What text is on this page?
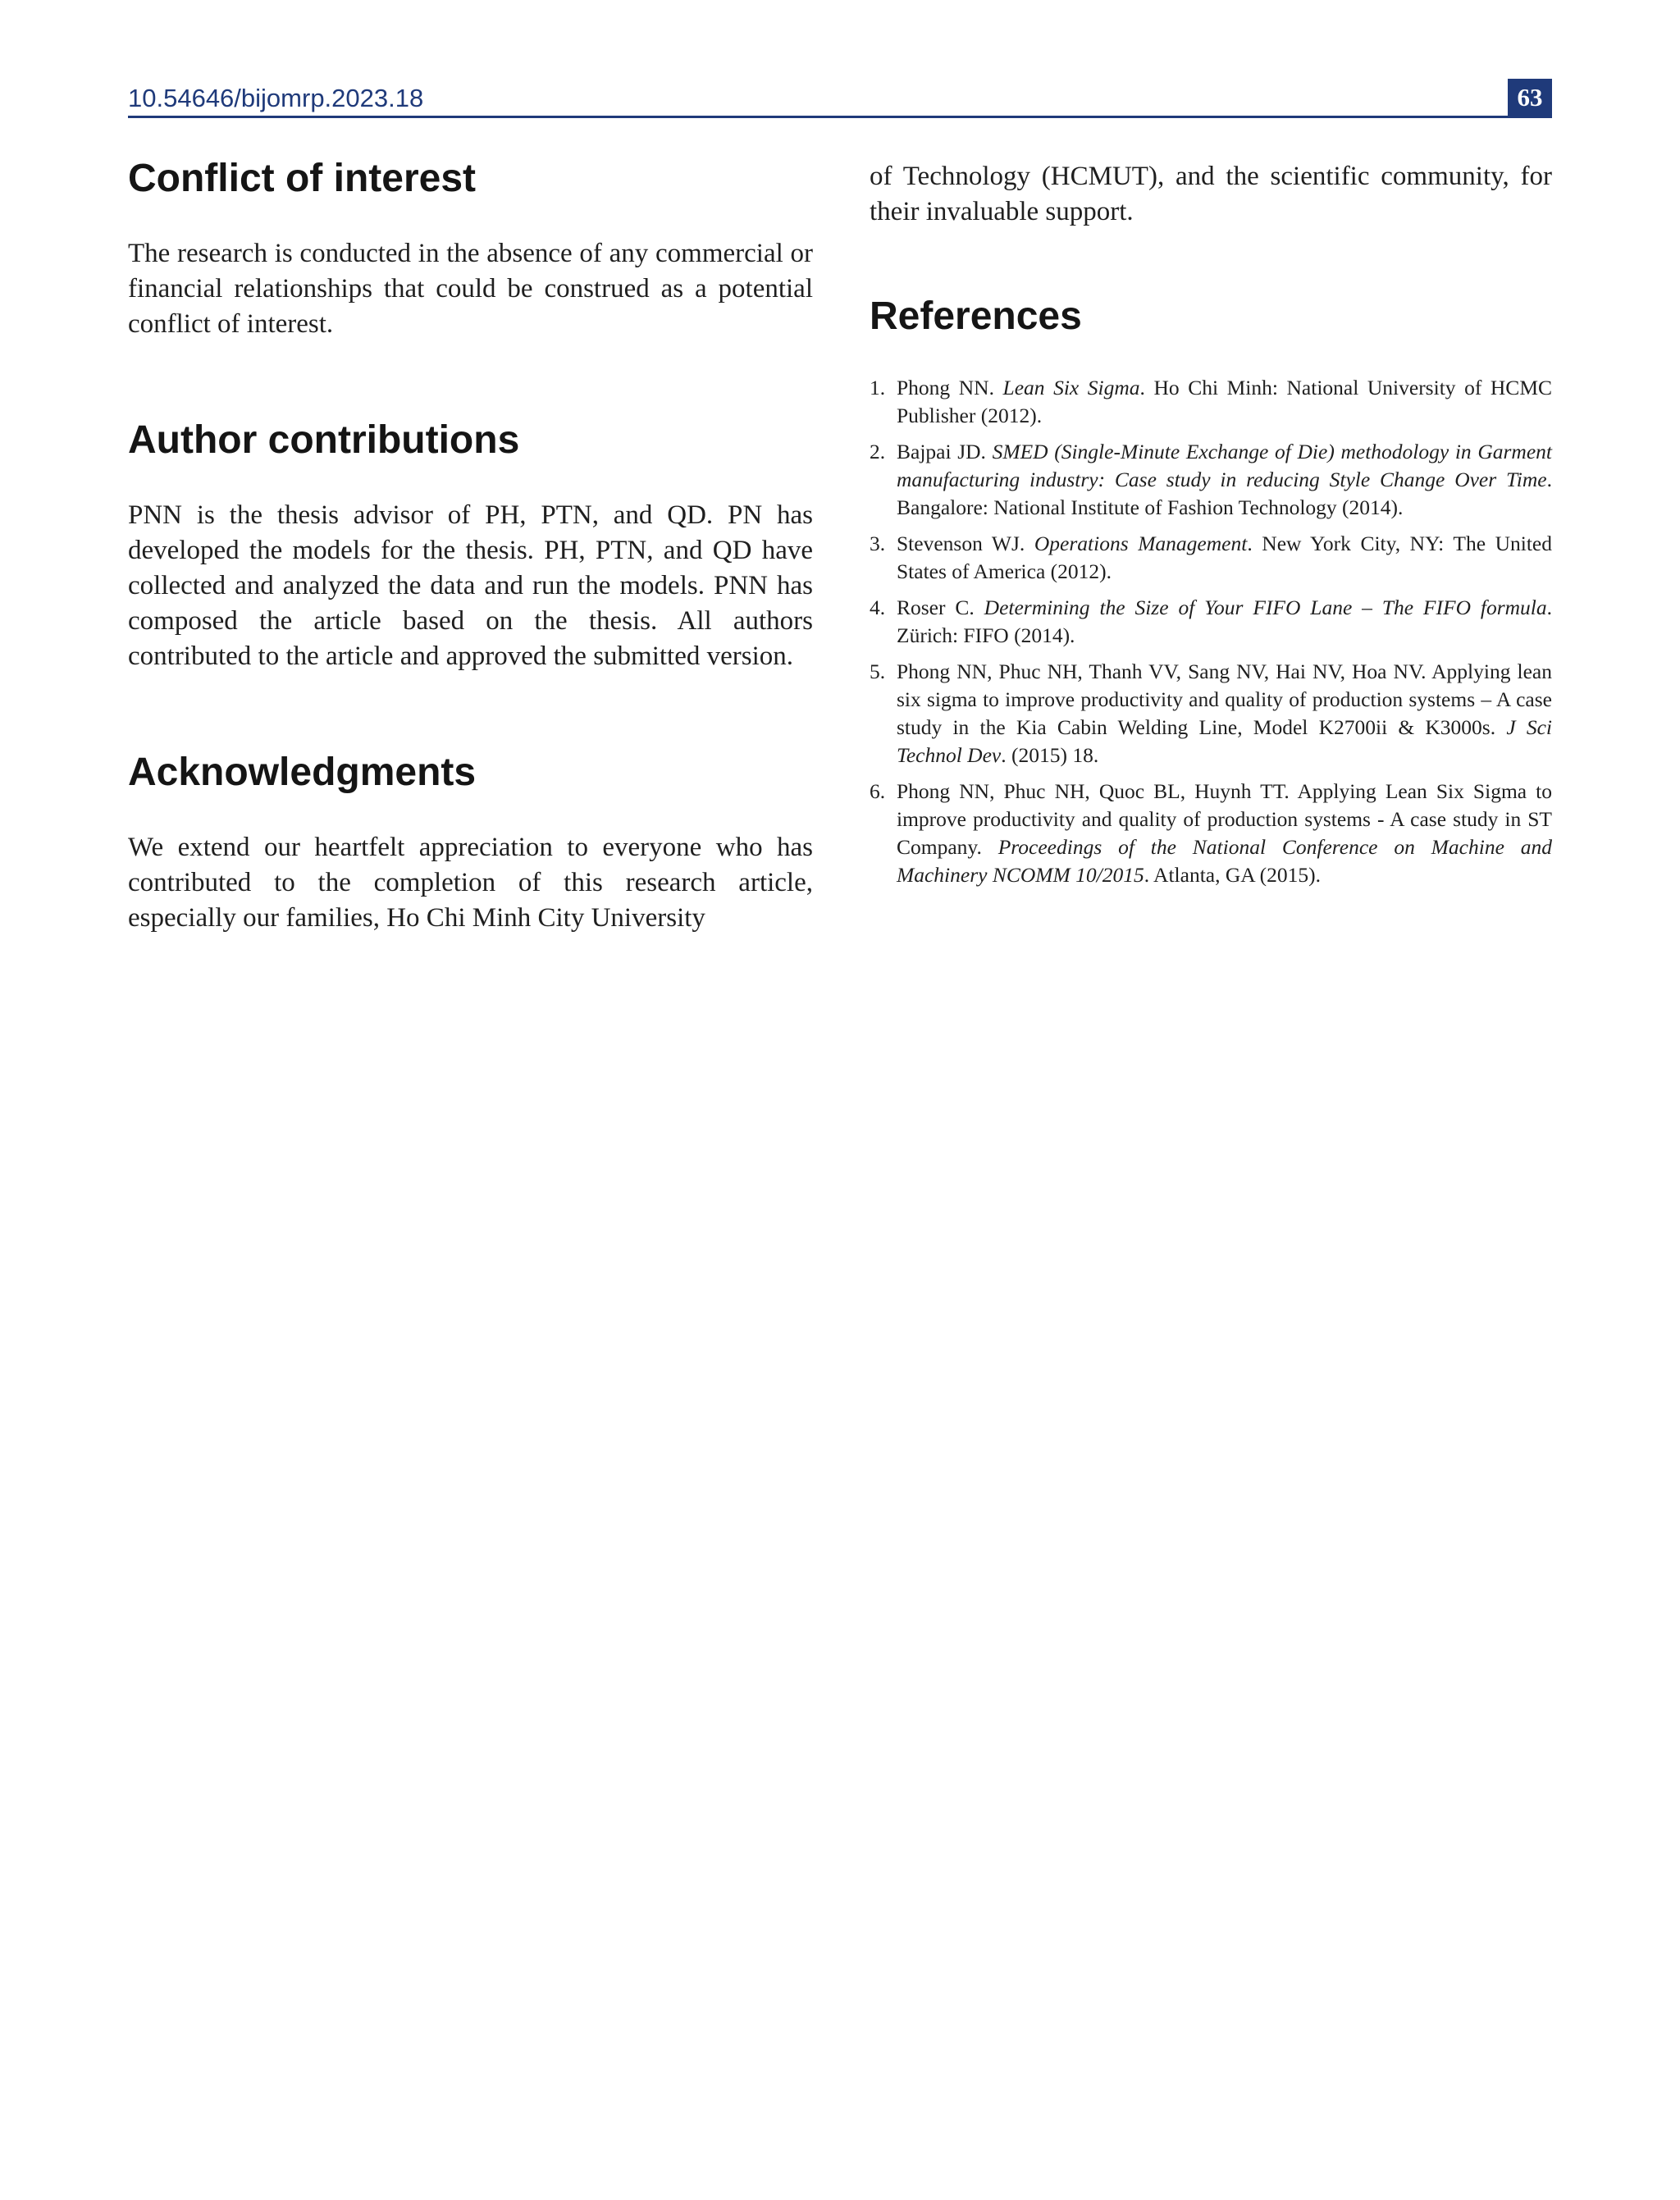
10.54646/bijomrp.2023.18	63
Conflict of interest

The research is conducted in the absence of any commercial or financial relationships that could be construed as a potential conflict of interest.

Author contributions

PNN is the thesis advisor of PH, PTN, and QD. PN has developed the models for the thesis. PH, PTN, and QD have collected and analyzed the data and run the models. PNN has composed the article based on the thesis. All authors contributed to the article and approved the submitted version.

Acknowledgments

We extend our heartfelt appreciation to everyone who has contributed to the completion of this research article, especially our families, Ho Chi Minh City University

of Technology (HCMUT), and the scientific community, for their invaluable support.

References
1. Phong NN. Lean Six Sigma. Ho Chi Minh: National University of HCMC Publisher (2012).
2. Bajpai JD. SMED (Single-Minute Exchange of Die) methodology in Garment manufacturing industry: Case study in reducing Style Change Over Time. Bangalore: National Institute of Fashion Technology (2014).
3. Stevenson WJ. Operations Management. New York City, NY: The United States of America (2012).
4. Roser C. Determining the Size of Your FIFO Lane – The FIFO formula. Zürich: FIFO (2014).
5. Phong NN, Phuc NH, Thanh VV, Sang NV, Hai NV, Hoa NV. Applying lean six sigma to improve productivity and quality of production systems – A case study in the Kia Cabin Welding Line, Model K2700ii & K3000s. J Sci Technol Dev. (2015) 18.
6. Phong NN, Phuc NH, Quoc BL, Huynh TT. Applying Lean Six Sigma to improve productivity and quality of production systems - A case study in ST Company. Proceedings of the National Conference on Machine and Machinery NCOMM 10/2015. Atlanta, GA (2015).
